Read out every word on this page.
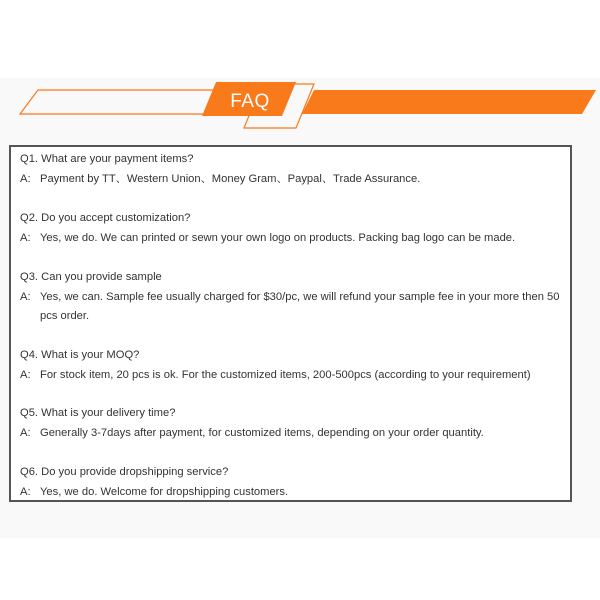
FAQ
Q1. What are your payment items?
A: Payment by TT、Western Union、Money Gram、Paypal、Trade Assurance.
Q2. Do you accept customization?
A: Yes, we do. We can printed or sewn your own logo on products. Packing bag logo can be made.
Q3. Can you provide sample
A: Yes, we can. Sample fee usually charged for $30/pc, we will refund your sample fee in your more then 50 pcs order.
Q4. What is your MOQ?
A: For stock item, 20 pcs is ok. For the customized items, 200-500pcs (according to your requirement)
Q5. What is your delivery time?
A: Generally 3-7days after payment, for customized items, depending on your order quantity.
Q6. Do you provide dropshipping service?
A: Yes, we do. Welcome for dropshipping customers.
